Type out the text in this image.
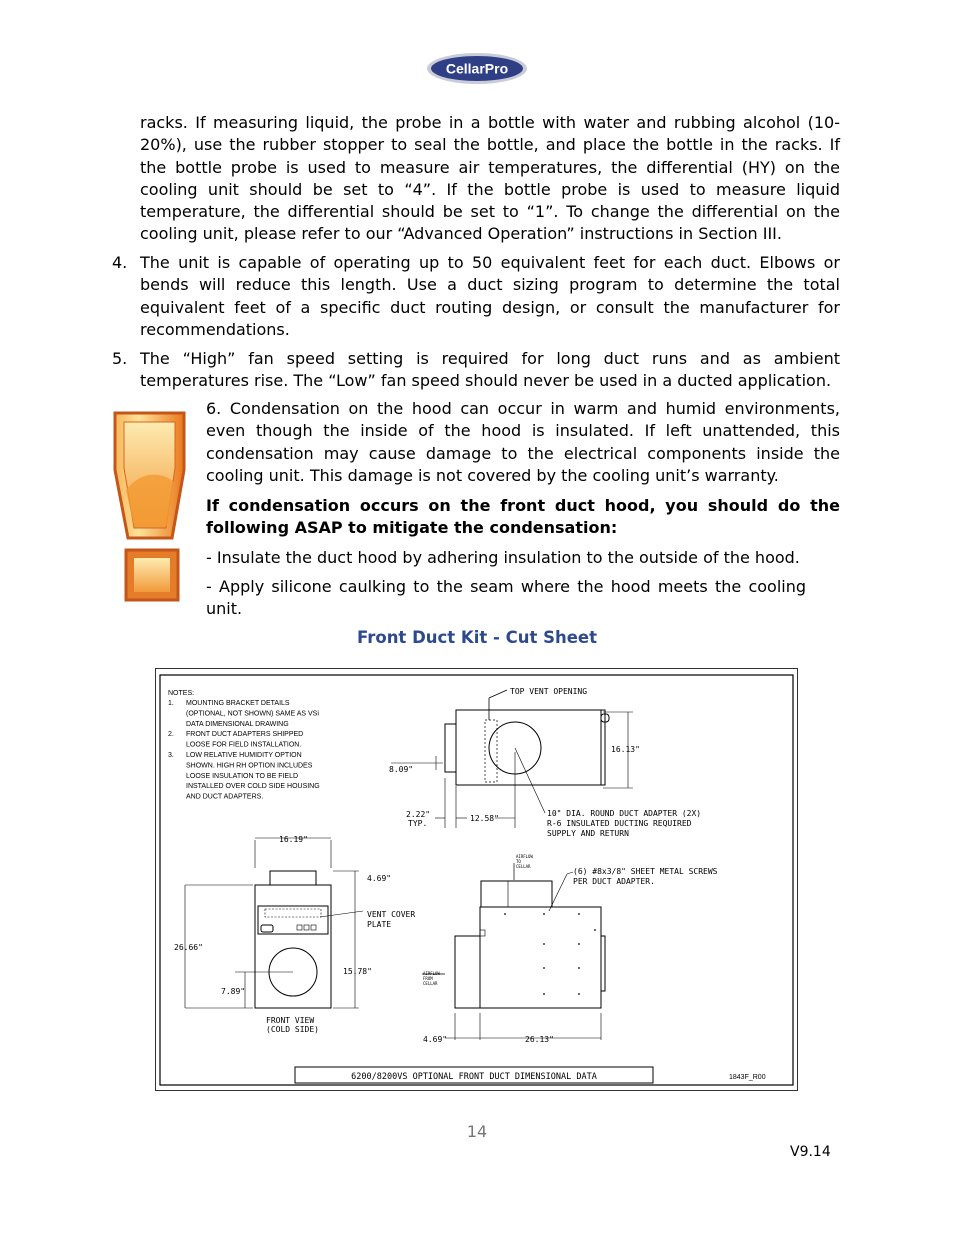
CellarPro
racks. If measuring liquid, the probe in a bottle with water and rubbing alcohol (10-20%), use the rubber stopper to seal the bottle, and place the bottle in the racks. If the bottle probe is used to measure air temperatures, the differential (HY) on the cooling unit should be set to “4”. If the bottle probe is used to measure liquid temperature, the differential should be set to “1”. To change the differential on the cooling unit, please refer to our “Advanced Operation” instructions in Section III.
4. The unit is capable of operating up to 50 equivalent feet for each duct. Elbows or bends will reduce this length. Use a duct sizing program to determine the total equivalent feet of a specific duct routing design, or consult the manufacturer for recommendations.
5. The “High” fan speed setting is required for long duct runs and as ambient temperatures rise. The “Low” fan speed should never be used in a ducted application.
6. Condensation on the hood can occur in warm and humid environments, even though the inside of the hood is insulated. If left unattended, this condensation may cause damage to the electrical components inside the cooling unit. This damage is not covered by the cooling unit’s warranty.
If condensation occurs on the front duct hood, you should do the following ASAP to mitigate the condensation:
- Insulate the duct hood by adhering insulation to the outside of the hood.
- Apply silicone caulking to the seam where the hood meets the cooling unit.
Front Duct Kit - Cut Sheet
NOTES:
1. MOUNTING BRACKET DETAILS
(OPTIONAL, NOT SHOWN) SAME AS VSi
DATA DIMENSIONAL DRAWING
2. FRONT DUCT ADAPTERS SHIPPED
LOOSE FOR FIELD INSTALLATION.
3. LOW RELATIVE HUMIDITY OPTION
SHOWN. HIGH RH OPTION INCLUDES
LOOSE INSULATION TO BE FIELD
INSTALLED OVER COLD SIDE HOUSING
AND DUCT ADAPTERS.
TOP VENT OPENING
8.09"
16.13"
2.22"
TYP.
12.58"
10" DIA. ROUND DUCT ADAPTER (2X)
R-6 INSULATED DUCTING REQUIRED
SUPPLY AND RETURN
16.19"
4.69"
VENT COVER
PLATE
26.66"
15.78"
7.89"
FRONT VIEW
(COLD SIDE)
AIRFLOW
TO
CELLAR
AIRFLOW
FROM
CELLAR
(6) #8x3/8" SHEET METAL SCREWS
PER DUCT ADAPTER.
4.69"	26.13"
6200/8200VS OPTIONAL FRONT DUCT DIMENSIONAL DATA	1843F_R00
14
V9.14
